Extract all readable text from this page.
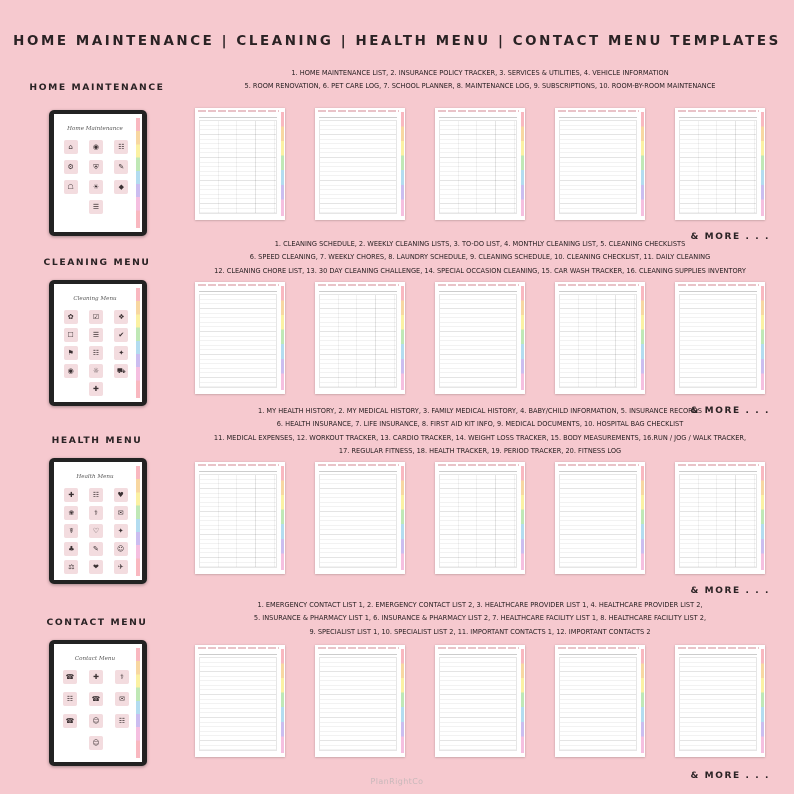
HOME MAINTENANCE | CLEANING | HEALTH MENU | CONTACT MENU TEMPLATES
HOME MAINTENANCE
1. HOME MAINTENANCE LIST, 2. INSURANCE POLICY TRACKER, 3. SERVICES & UTILITIES, 4. VEHICLE INFORMATION
5. ROOM RENOVATION, 6. PET CARE LOG, 7. SCHOOL PLANNER, 8. MAINTENANCE LOG, 9. SUBSCRIPTIONS, 10. ROOM-BY-ROOM MAINTENANCE
Home Maintenance
⌂	◉	☷
⚙	⛨	✎
☖	☀	◆
☰
& MORE . . .
CLEANING MENU
1. CLEANING SCHEDULE, 2. WEEKLY CLEANING LISTS, 3. TO-DO LIST, 4. MONTHLY CLEANING LIST, 5. CLEANING CHECKLISTS
6. SPEED CLEANING, 7. WEEKLY CHORES, 8. LAUNDRY SCHEDULE, 9. CLEANING SCHEDULE, 10. CLEANING CHECKLIST, 11. DAILY CLEANING
12. CLEANING CHORE LIST, 13. 30 DAY CLEANING CHALLENGE, 14. SPECIAL OCCASION CLEANING, 15. CAR WASH TRACKER, 16. CLEANING SUPPLIES INVENTORY
Cleaning Menu
✿	☑	❖
☐	☰	✔
⚑	☷	✦
◉	☼	⛟
✚
& MORE . . .
HEALTH MENU
1. MY HEALTH HISTORY, 2. MY MEDICAL HISTORY, 3. FAMILY MEDICAL HISTORY, 4. BABY/CHILD INFORMATION, 5. INSURANCE RECORDS
6. HEALTH INSURANCE, 7. LIFE INSURANCE, 8. FIRST AID KIT INFO, 9. MEDICAL DOCUMENTS, 10. HOSPITAL BAG CHECKLIST
11. MEDICAL EXPENSES, 12. WORKOUT TRACKER, 13. CARDIO TRACKER, 14. WEIGHT LOSS TRACKER, 15. BODY MEASUREMENTS, 16.RUN / JOG / WALK TRACKER,
17. REGULAR FITNESS, 18. HEALTH TRACKER, 19. PERIOD TRACKER, 20. FITNESS LOG
Health Menu
✚	☷	♥
❀	⚕	✉
☤	♡	✦
♣	✎	☺
⚖	❤	✈
& MORE . . .
CONTACT MENU
1. EMERGENCY CONTACT LIST 1, 2. EMERGENCY CONTACT LIST 2, 3. HEALTHCARE PROVIDER LIST 1, 4. HEALTHCARE PROVIDER LIST 2,
5. INSURANCE & PHARMACY LIST 1, 6. INSURANCE & PHARMACY LIST 2, 7. HEALTHCARE FACILITY LIST 1, 8. HEALTHCARE FACILITY LIST 2,
9. SPECIALIST LIST 1, 10. SPECIALIST LIST 2, 11. IMPORTANT CONTACTS 1, 12. IMPORTANT CONTACTS 2
Contact Menu
☎	✚	⚕
☷	☎	✉
☎	☺	☷
☺
& MORE . . .
PlanRightCo
